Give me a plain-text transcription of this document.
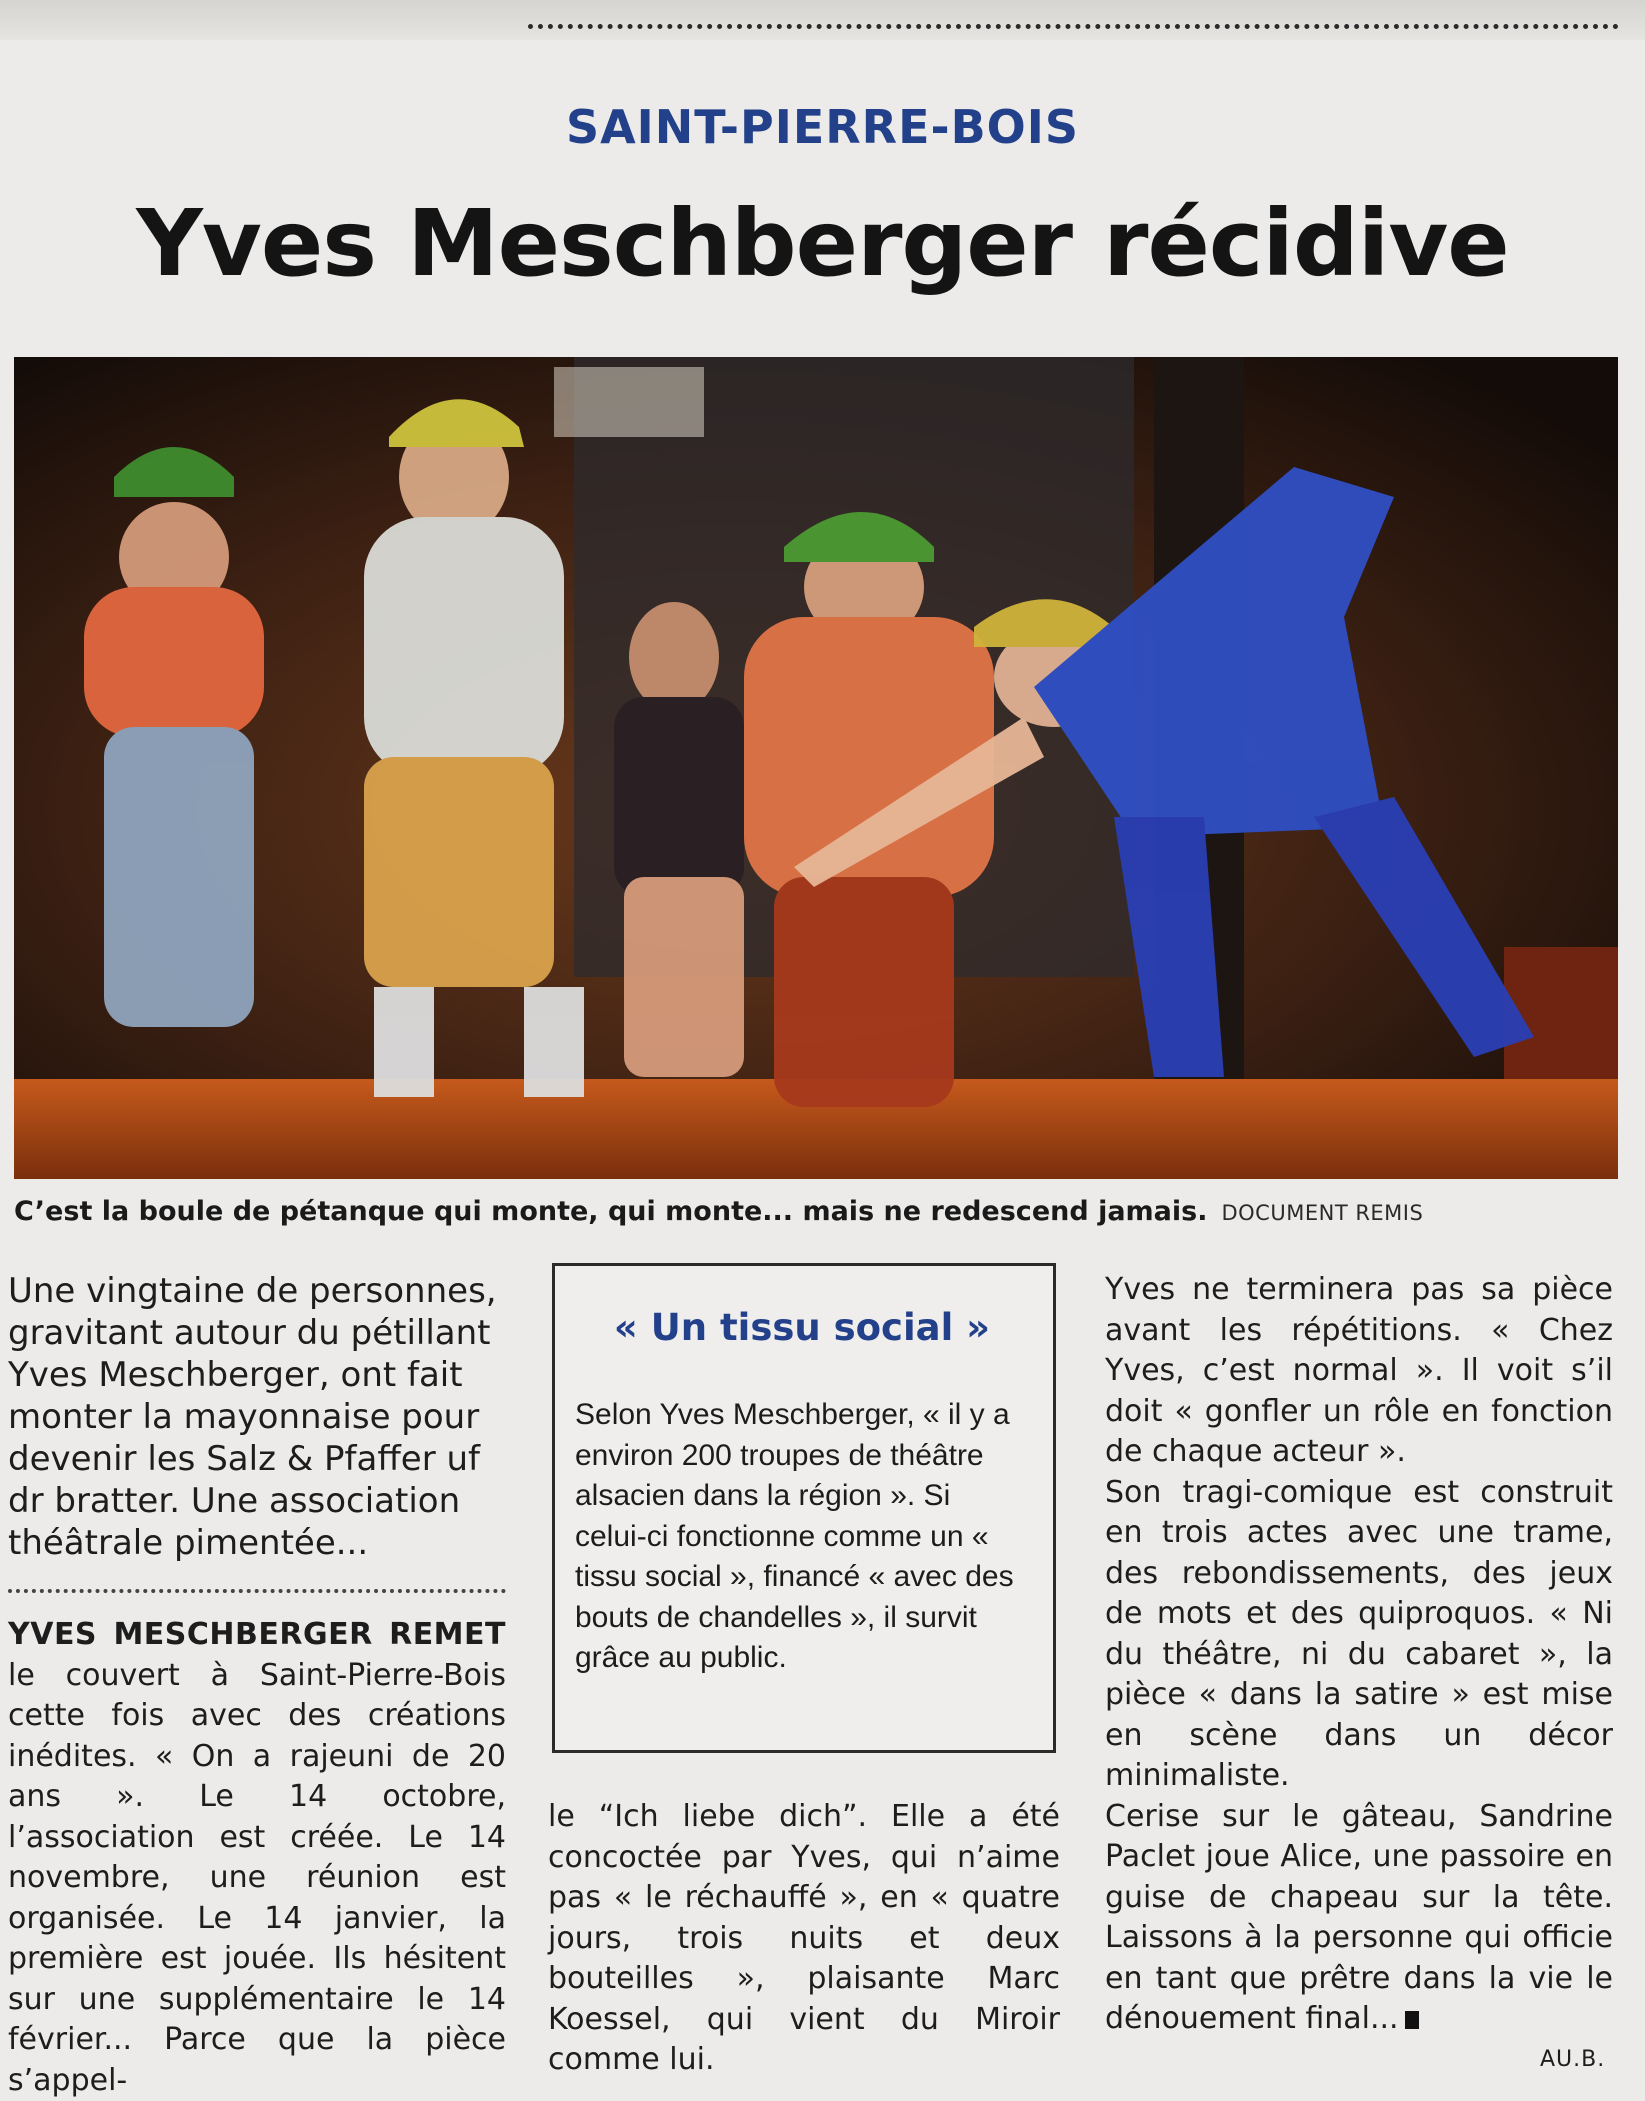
SAINT-PIERRE-BOIS
Yves Meschberger récidive
C’est la boule de pétanque qui monte, qui monte... mais ne redescend jamais. DOCUMENT REMIS

Une vingtaine de personnes, gravitant autour du pétillant Yves Meschberger, ont fait monter la mayonnaise pour devenir les Salz & Pfaffer uf dr bratter. Une association théâtrale pimentée...

YVES MESCHBERGER REMET le couvert à Saint-Pierre-Bois cette fois avec des créations inédites. « On a rajeuni de 20 ans ». Le 14 octobre, l’association est créée. Le 14 novembre, une réunion est organisée. Le 14 janvier, la première est jouée. Ils hésitent sur une supplémentaire le 14 février... Parce que la pièce s’appel-

« Un tissu social »

Selon Yves Meschberger, « il y a environ 200 troupes de théâtre alsacien dans la région ». Si celui-ci fonctionne comme un « tissu social », financé « avec des bouts de chandelles », il survit grâce au public.

le “Ich liebe dich”. Elle a été concoctée par Yves, qui n’aime pas « le réchauffé », en « quatre jours, trois nuits et deux bouteilles », plaisante Marc Koessel, qui vient du Miroir comme lui.

Yves ne terminera pas sa pièce avant les répétitions. « Chez Yves, c’est normal ». Il voit s’il doit « gonfler un rôle en fonction de chaque acteur ».

Son tragi-comique est construit en trois actes avec une trame, des rebondissements, des jeux de mots et des quiproquos. « Ni du théâtre, ni du cabaret », la pièce « dans la satire » est mise en scène dans un décor minimaliste.

Cerise sur le gâteau, Sandrine Paclet joue Alice, une passoire en guise de chapeau sur la tête. Laissons à la personne qui officie en tant que prêtre dans la vie le dénouement final...

AU.B.
